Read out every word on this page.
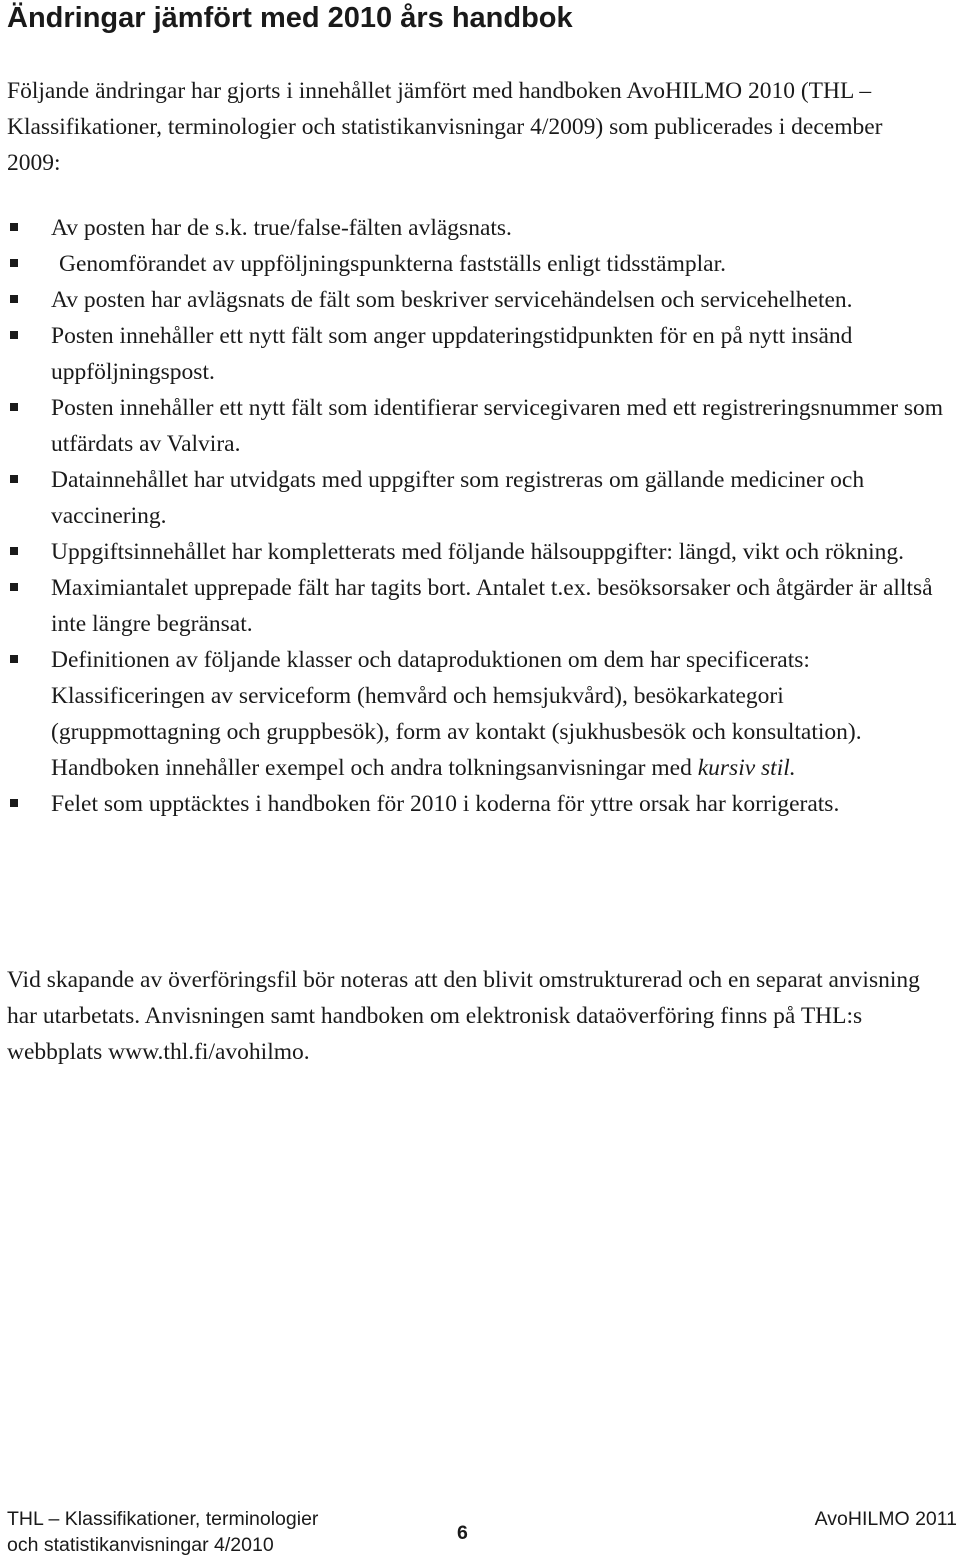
Ändringar jämfört med 2010 års handbok

Följande ändringar har gjorts i innehållet jämfört med handboken AvoHILMO 2010 (THL – Klassifikationer, terminologier och statistikanvisningar 4/2009) som publicerades i december 2009:

Av posten har de s.k. true/false-fälten avlägsnats.
Genomförandet av uppföljningspunkterna fastställs enligt tidsstämplar.
Av posten har avlägsnats de fält som beskriver servicehändelsen och servicehelheten.
Posten innehåller ett nytt fält som anger uppdateringstidpunkten för en på nytt insänd uppföljningspost.
Posten innehåller ett nytt fält som identifierar servicegivaren med ett registreringsnummer som utfärdats av Valvira.
Datainnehållet har utvidgats med uppgifter som registreras om gällande mediciner och vaccinering.
Uppgiftsinnehållet har kompletterats med följande hälsouppgifter: längd, vikt och rökning.
Maximiantalet upprepade fält har tagits bort. Antalet t.ex. besöksorsaker och åtgärder är alltså inte längre begränsat.
Definitionen av följande klasser och dataproduktionen om dem har specificerats: Klassificeringen av serviceform (hemvård och hemsjukvård), besökarkategori (gruppmottagning och gruppbesök), form av kontakt (sjukhusbesök och konsultation). Handboken innehåller exempel och andra tolkningsanvisningar med kursiv stil.
Felet som upptäcktes i handboken för 2010 i koderna för yttre orsak har korrigerats.

Vid skapande av överföringsfil bör noteras att den blivit omstrukturerad och en separat anvisning har utarbetats. Anvisningen samt handboken om elektronisk dataöverföring finns på THL:s webbplats www.thl.fi/avohilmo.

THL – Klassifikationer, terminologier
och statistikanvisningar 4/2010
6
AvoHILMO 2011
